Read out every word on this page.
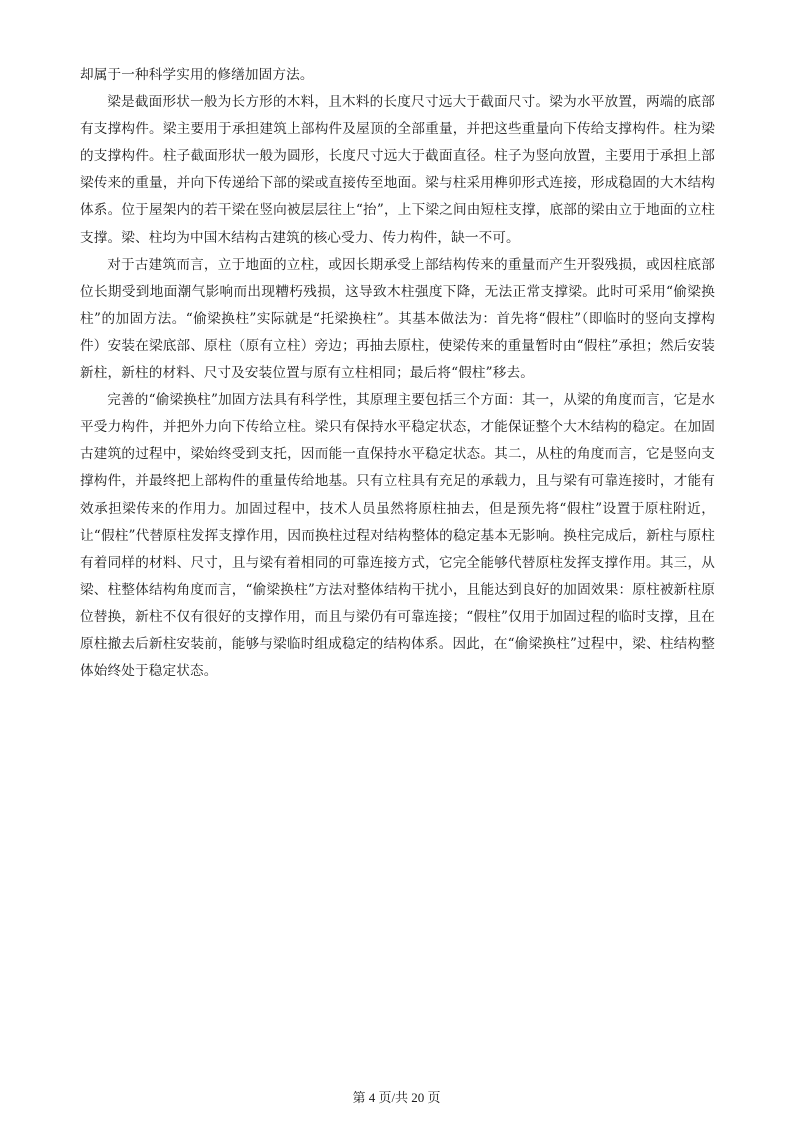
却属于一种科学实用的修缮加固方法。

梁是截面形状一般为长方形的木料，且木料的长度尺寸远大于截面尺寸。梁为水平放置，两端的底部有支撑构件。梁主要用于承担建筑上部构件及屋顶的全部重量，并把这些重量向下传给支撑构件。柱为梁的支撑构件。柱子截面形状一般为圆形，长度尺寸远大于截面直径。柱子为竖向放置，主要用于承担上部梁传来的重量，并向下传递给下部的梁或直接传至地面。梁与柱采用榫卯形式连接，形成稳固的大木结构体系。位于屋架内的若干梁在竖向被层层往上“抬”，上下梁之间由短柱支撑，底部的梁由立于地面的立柱支撑。梁、柱均为中国木结构古建筑的核心受力、传力构件，缺一不可。

对于古建筑而言，立于地面的立柱，或因长期承受上部结构传来的重量而产生开裂残损，或因柱底部位长期受到地面潮气影响而出现糟朽残损，这导致木柱强度下降，无法正常支撑梁。此时可采用“偷梁换柱”的加固方法。“偷梁换柱”实际就是“托梁换柱”。其基本做法为：首先将“假柱”（即临时的竖向支撑构件）安装在梁底部、原柱（原有立柱）旁边；再抽去原柱，使梁传来的重量暂时由“假柱”承担；然后安装新柱，新柱的材料、尺寸及安装位置与原有立柱相同；最后将“假柱”移去。

完善的“偷梁换柱”加固方法具有科学性，其原理主要包括三个方面：其一，从梁的角度而言，它是水平受力构件，并把外力向下传给立柱。梁只有保持水平稳定状态，才能保证整个大木结构的稳定。在加固古建筑的过程中，梁始终受到支托，因而能一直保持水平稳定状态。其二，从柱的角度而言，它是竖向支撑构件，并最终把上部构件的重量传给地基。只有立柱具有充足的承载力，且与梁有可靠连接时，才能有效承担梁传来的作用力。加固过程中，技术人员虽然将原柱抽去，但是预先将“假柱”设置于原柱附近，让“假柱”代替原柱发挥支撑作用，因而换柱过程对结构整体的稳定基本无影响。换柱完成后，新柱与原柱有着同样的材料、尺寸，且与梁有着相同的可靠连接方式，它完全能够代替原柱发挥支撑作用。其三，从梁、柱整体结构角度而言，“偷梁换柱”方法对整体结构干扰小，且能达到良好的加固效果：原柱被新柱原位替换，新柱不仅有很好的支撑作用，而且与梁仍有可靠连接；“假柱”仅用于加固过程的临时支撑，且在原柱撤去后新柱安装前，能够与梁临时组成稳定的结构体系。因此，在“偷梁换柱”过程中，梁、柱结构整体始终处于稳定状态。

第 4 页/共 20 页
